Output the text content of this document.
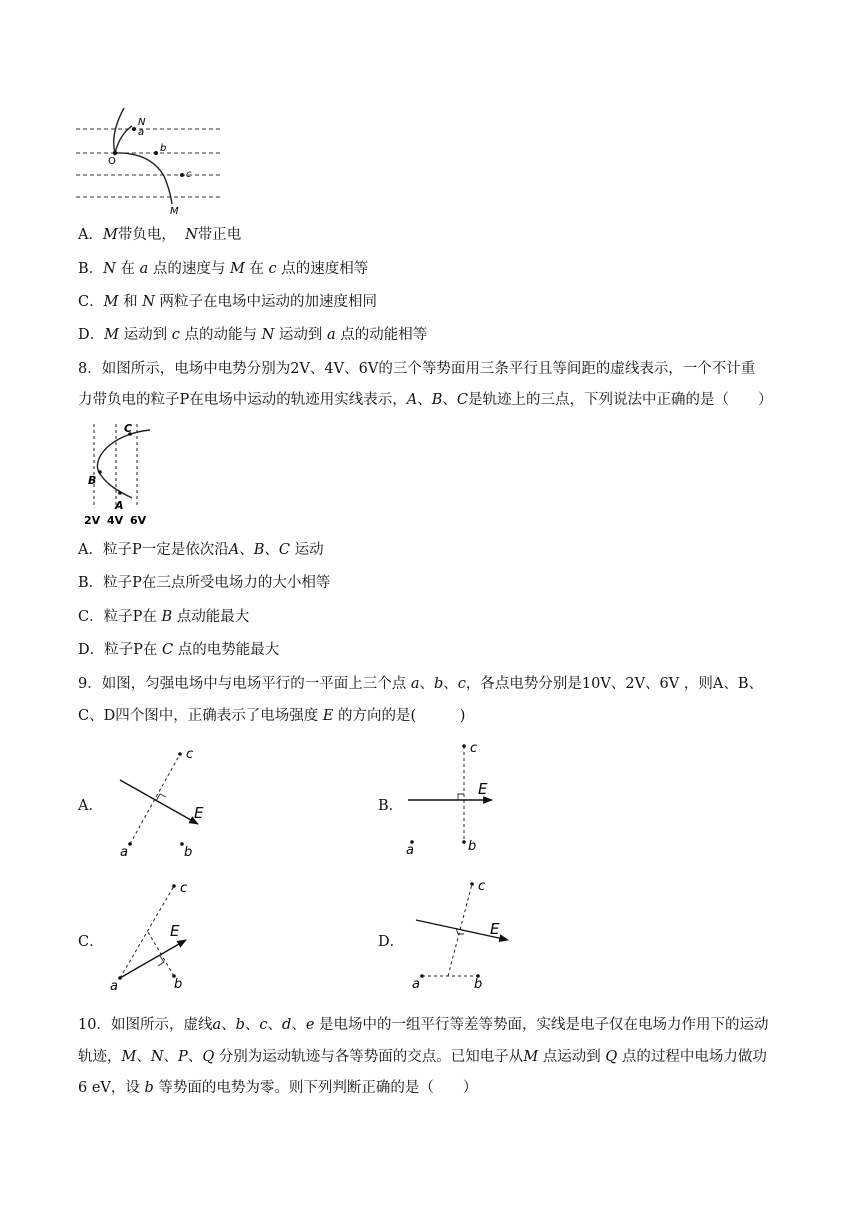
N
a
O
b
c
M
A．M带负电， N带正电
B．N 在 a 点的速度与 M 在 c 点的速度相等
C．M 和 N 两粒子在电场中运动的加速度相同
D．M 运动到 c 点的动能与 N 运动到 a 点的动能相等
8．如图所示，电场中电势分别为2V、4V、6V的三个等势面用三条平行且等间距的虚线表示，一个不计重
力带负电的粒子P在电场中运动的轨迹用实线表示，A、B、C是轨迹上的三点，下列说法中正确的是（　　）
C
B
A
2V 4V 6V
A．粒子P一定是依次沿A、B、C 运动
B．粒子P在三点所受电场力的大小相等
C．粒子P在 B 点动能最大
D．粒子P在 C 点的电势能最大
9．如图，匀强电场中与电场平行的一平面上三个点 a、b、c，各点电势分别是10V、2V、6V ，则A、B、
C、D四个图中，正确表示了电场强度 E 的方向的是(　　　)
A．	B．
C．	D．
c
a	b
E
c
a	b
E
c
a	b
E
c
a	b
E
10．如图所示，虚线a、b、c、d、e 是电场中的一组平行等差等势面，实线是电子仅在电场力作用下的运动
轨迹，M、N、P、Q 分别为运动轨迹与各等势面的交点。已知电子从M 点运动到 Q 点的过程中电场力做功
6 eV，设 b 等势面的电势为零。则下列判断正确的是（　　）
